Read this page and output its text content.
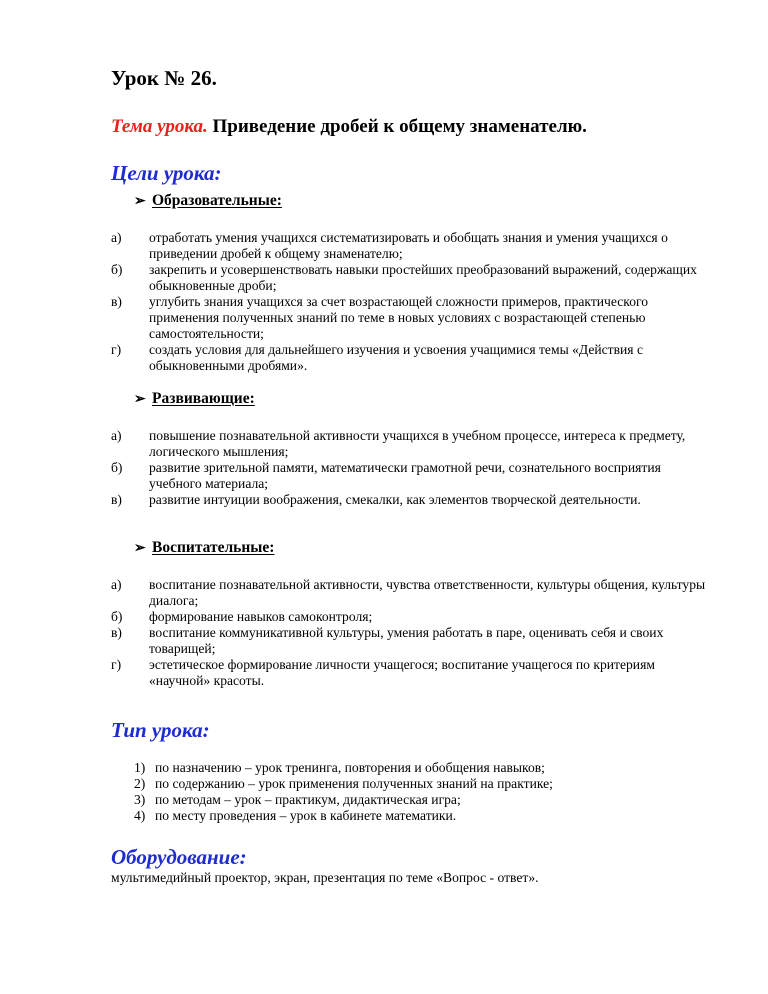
Урок № 26.
Тема урока. Приведение дробей к общему знаменателю.
Цели урока:
➢ Образовательные:
а) отработать умения учащихся систематизировать и обобщать знания и умения учащихся о приведении дробей к общему знаменателю;
б) закрепить и усовершенствовать навыки простейших преобразований выражений, содержащих обыкновенные дроби;
в) углубить знания учащихся за счет возрастающей сложности примеров, практического применения полученных знаний по теме в новых условиях с возрастающей степенью самостоятельности;
г) создать условия для дальнейшего изучения и усвоения учащимися темы «Действия с обыкновенными дробями».
➢ Развивающие:
а) повышение познавательной активности учащихся в учебном процессе, интереса к предмету, логического мышления;
б) развитие зрительной памяти, математически грамотной речи, сознательного восприятия учебного материала;
в) развитие интуиции воображения, смекалки, как элементов творческой деятельности.
➢ Воспитательные:
а) воспитание познавательной активности, чувства ответственности, культуры общения, культуры диалога;
б) формирование навыков самоконтроля;
в) воспитание коммуникативной культуры, умения работать в паре, оценивать себя и своих товарищей;
г) эстетическое формирование личности учащегося; воспитание учащегося по критериям «научной» красоты.
Тип урока:
1) по назначению – урок тренинга, повторения и обобщения навыков;
2) по содержанию – урок применения полученных знаний на практике;
3) по методам – урок – практикум, дидактическая игра;
4) по месту проведения – урок в кабинете математики.
Оборудование:
мультимедийный проектор, экран, презентация по теме «Вопрос - ответ».
